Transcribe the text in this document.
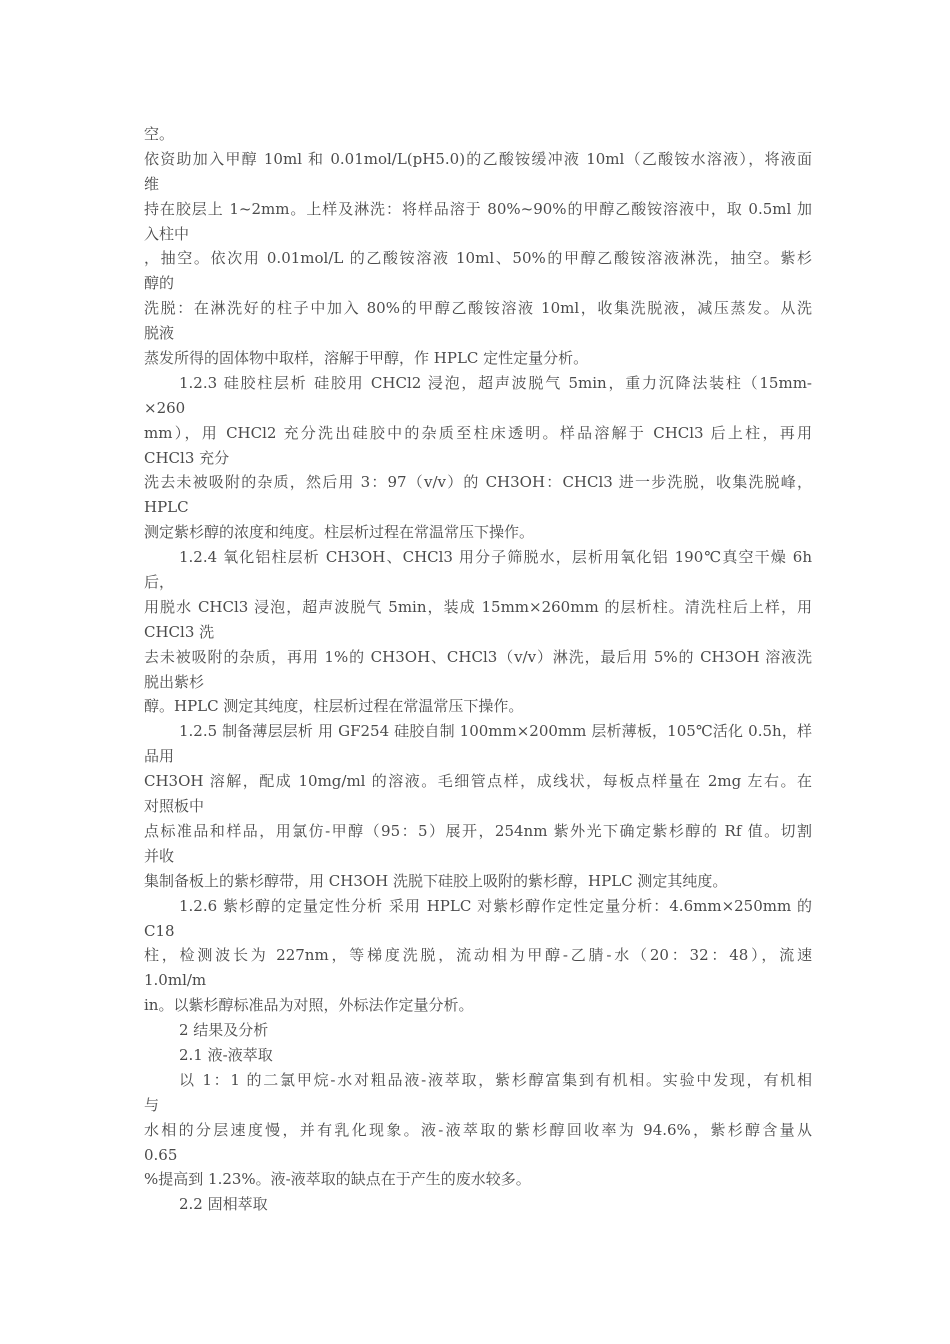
空。
依资助加入甲醇 10ml 和 0.01mol/L(pH5.0)的乙酸铵缓冲液 10ml（乙酸铵水溶液），将液面
维
持在胶层上 1~2mm。上样及淋洗：将样品溶于 80%~90%的甲醇乙酸铵溶液中，取 0.5ml 加
入柱中
，抽空。依次用 0.01mol/L 的乙酸铵溶液 10ml、50%的甲醇乙酸铵溶液淋洗，抽空。紫杉
醇的
洗脱：在淋洗好的柱子中加入 80%的甲醇乙酸铵溶液 10ml，收集洗脱液，减压蒸发。从洗
脱液
蒸发所得的固体物中取样，溶解于甲醇，作 HPLC 定性定量分析。
1.2.3 硅胶柱层析 硅胶用 CHCl2 浸泡，超声波脱气 5min，重力沉降法装柱（15mm-
×260
mm），用 CHCl2 充分洗出硅胶中的杂质至柱床透明。样品溶解于 CHCl3 后上柱，再用
CHCl3 充分
洗去未被吸附的杂质，然后用 3：97（v/v）的 CH3OH：CHCl3 进一步洗脱，收集洗脱峰，
HPLC
测定紫杉醇的浓度和纯度。柱层析过程在常温常压下操作。
1.2.4 氧化铝柱层析 CH3OH、CHCl3 用分子筛脱水，层析用氧化铝 190℃真空干燥 6h
后，
用脱水 CHCl3 浸泡，超声波脱气 5min，装成 15mm×260mm 的层析柱。清洗柱后上样，用
CHCl3 洗
去未被吸附的杂质，再用 1%的 CH3OH、CHCl3（v/v）淋洗，最后用 5%的 CH3OH 溶液洗
脱出紫杉
醇。HPLC 测定其纯度，柱层析过程在常温常压下操作。
1.2.5 制备薄层层析 用 GF254 硅胶自制 100mm×200mm 层析薄板，105℃活化 0.5h，样
品用
CH3OH 溶解，配成 10mg/ml 的溶液。毛细管点样，成线状，每板点样量在 2mg 左右。在
对照板中
点标准品和样品，用氯仿-甲醇（95：5）展开，254nm 紫外光下确定紫杉醇的 Rf 值。切割
并收
集制备板上的紫杉醇带，用 CH3OH 洗脱下硅胶上吸附的紫杉醇，HPLC 测定其纯度。
1.2.6 紫杉醇的定量定性分析 采用 HPLC 对紫杉醇作定性定量分析：4.6mm×250mm 的
C18
柱，检测波长为 227nm，等梯度洗脱，流动相为甲醇-乙腈-水（20：32：48），流速
1.0ml/m
in。以紫杉醇标准品为对照，外标法作定量分析。
2 结果及分析
2.1 液-液萃取
以 1：1 的二氯甲烷-水对粗品液-液萃取，紫杉醇富集到有机相。实验中发现，有机相
与
水相的分层速度慢，并有乳化现象。液-液萃取的紫杉醇回收率为 94.6%，紫杉醇含量从
0.65
%提高到 1.23%。液-液萃取的缺点在于产生的废水较多。
2.2 固相萃取
